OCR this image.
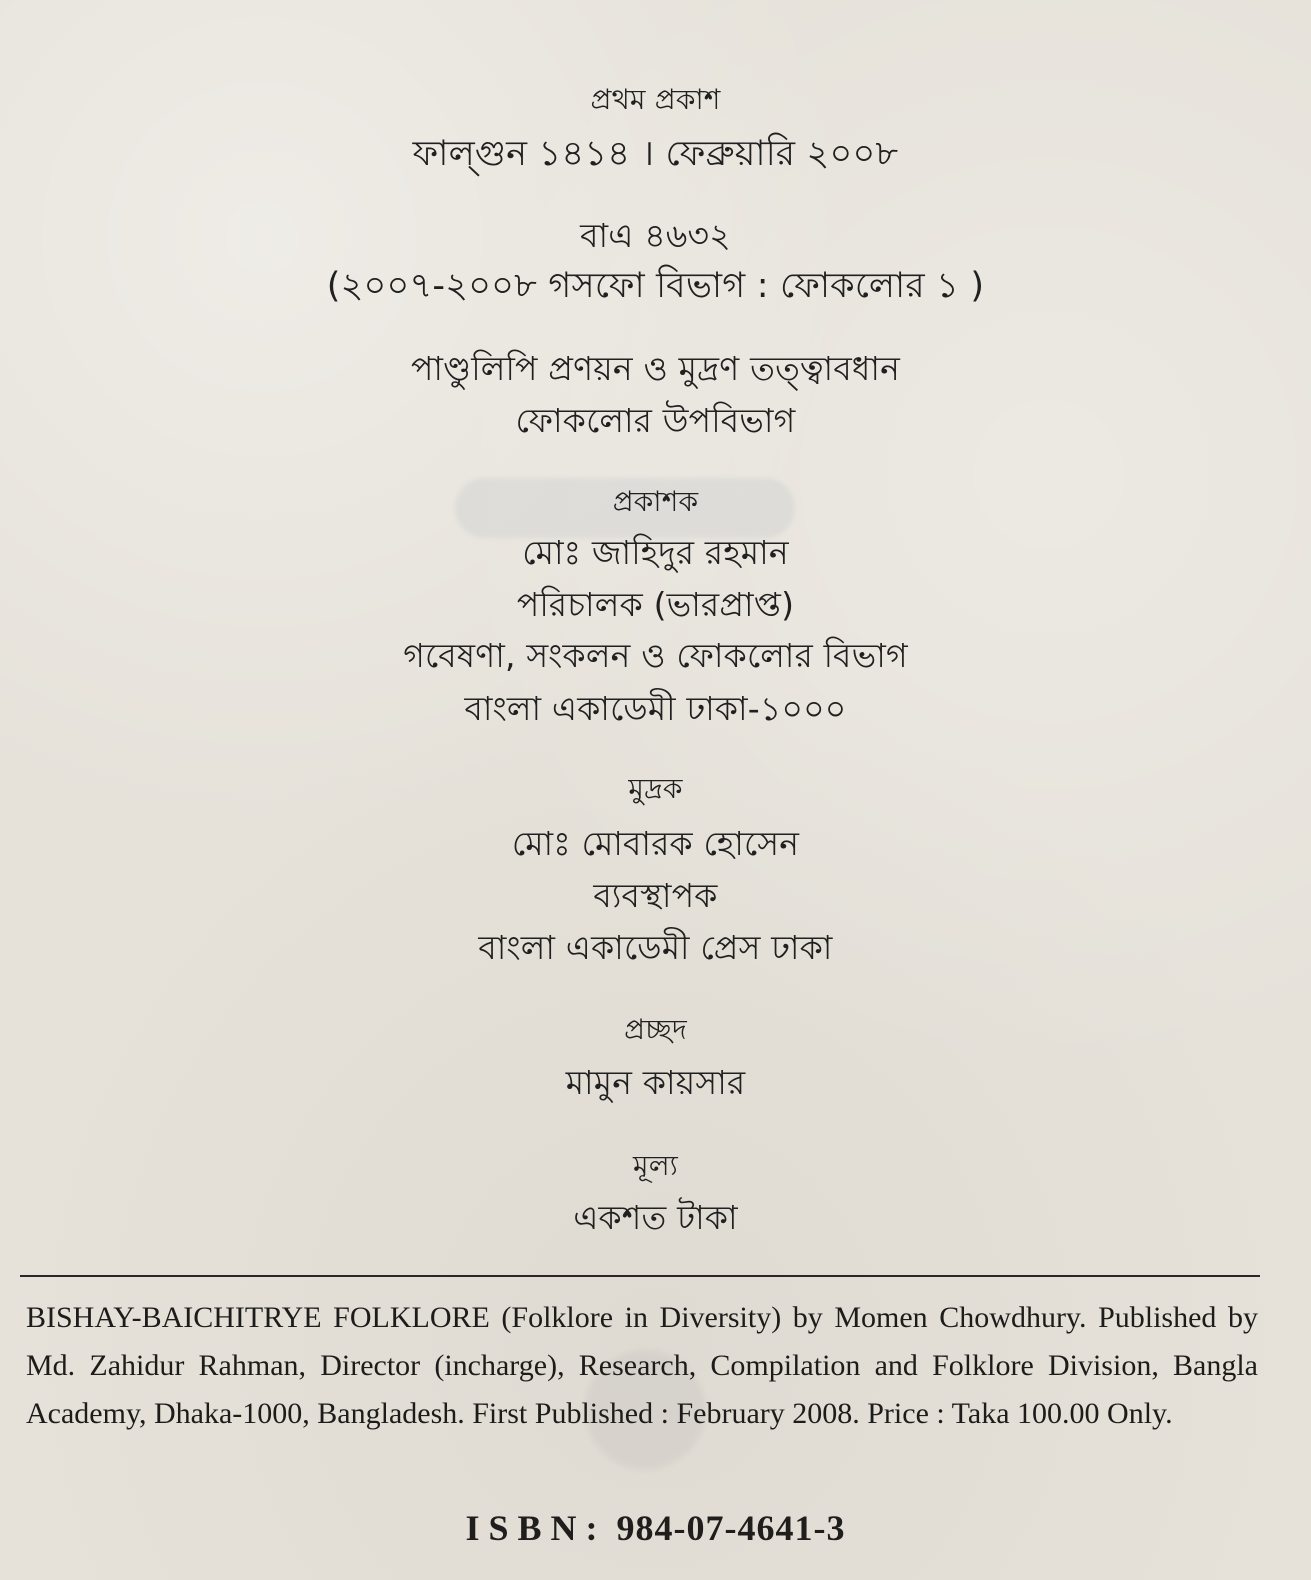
প্রথম প্রকাশ
ফাল্গুন ১৪১৪ । ফেব্রুয়ারি ২০০৮
বাএ ৪৬৩২
(২০০৭-২০০৮ গসফো বিভাগ : ফোকলোর ১ )
পাণ্ডুলিপি প্রণয়ন ও মুদ্রণ তত্ত্বাবধান
ফোকলোর উপবিভাগ
প্রকাশক
মোঃ জাহিদুর রহমান
পরিচালক (ভারপ্রাপ্ত)
গবেষণা, সংকলন ও ফোকলোর বিভাগ
বাংলা একাডেমী ঢাকা-১০০০
মুদ্রক
মোঃ মোবারক হোসেন
ব্যবস্থাপক
বাংলা একাডেমী প্রেস ঢাকা
প্রচ্ছদ
মামুন কায়সার
মূল্য
একশত টাকা

BISHAY-BAICHITRYE FOLKLORE (Folklore in Diversity) by Momen Chowdhury. Published by Md. Zahidur Rahman, Director (incharge), Research, Compilation and Folklore Division, Bangla Academy, Dhaka-1000, Bangladesh. First Published : February 2008. Price : Taka 100.00 Only.

ISBN: 984-07-4641-3
